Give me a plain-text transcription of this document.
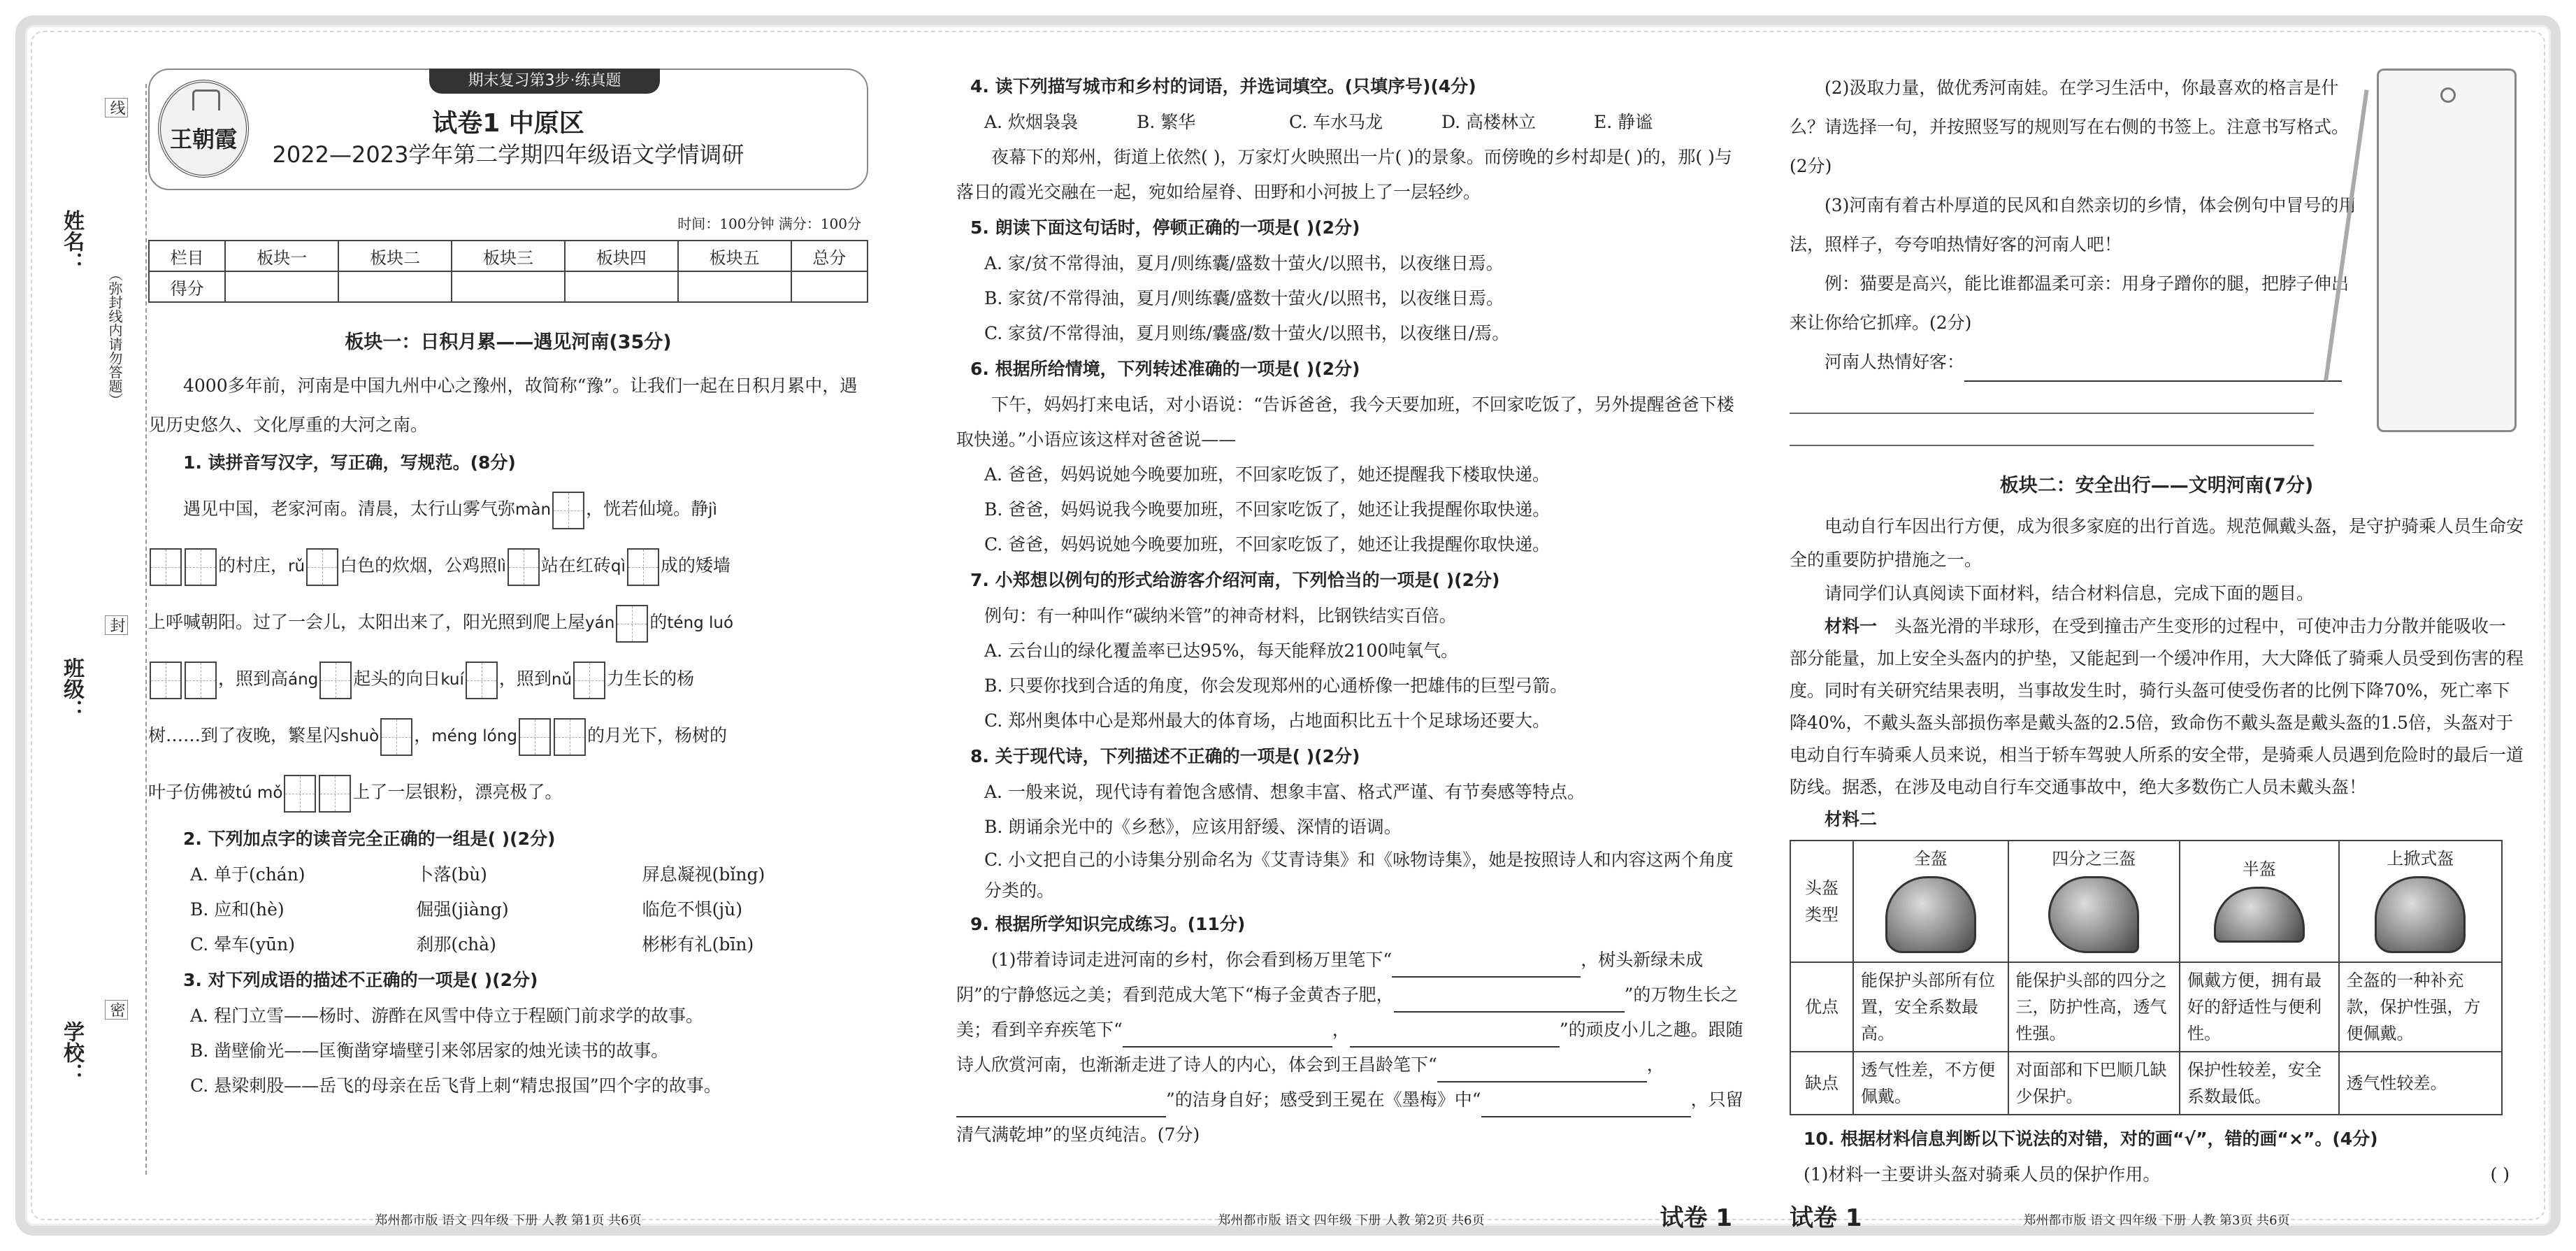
姓名：
班级：
学校：
线
（弥封线内请勿答题）
封
密
期末复习第3步·练真题
王朝霞
试卷1 中原区
2022—2023学年第二学期四年级语文学情调研
时间：100分钟 满分：100分
栏目	板块一	板块二	板块三	板块四	板块五	总分
得分						
板块一：日积月累——遇见河南(35分)

4000多年前，河南是中国九州中心之豫州，故简称“豫”。让我们一起在日积月累中，遇见历史悠久、文化厚重的大河之南。

1. 读拼音写汉字，写正确，写规范。(8分)

遇见中国，老家河南。清晨，太行山雾气弥màn ，恍若仙境。静jì
的村庄，rǔ 白色的炊烟，公鸡照lì 站在红砖qì 成的矮墙
上呼喊朝阳。过了一会儿，太阳出来了，阳光照到爬上屋yán 的téng luó
，照到高áng 起头的向日kuí ，照到nǔ 力生长的杨
树……到了夜晚，繁星闪shuò ，méng lóng	的月光下，杨树的
叶子仿佛被tú mǒ	上了一层银粉，漂亮极了。

2. 下列加点字的读音完全正确的一组是( )(2分)
A. 单于(chán)	卜落(bù)	屏息凝视(bǐng)
B. 应和(hè)	倔强(jiàng)	临危不惧(jù)
C. 晕车(yūn)	刹那(chà)	彬彬有礼(bīn)
3. 对下列成语的描述不正确的一项是( )(2分)
A. 程门立雪——杨时、游酢在风雪中侍立于程颐门前求学的故事。
B. 凿壁偷光——匡衡凿穿墙壁引来邻居家的烛光读书的故事。
C. 悬梁刺股——岳飞的母亲在岳飞背上刺“精忠报国”四个字的故事。
郑州都市版 语文 四年级 下册 人教 第1页 共6页
4. 读下列描写城市和乡村的词语，并选词填空。(只填序号)(4分)
A. 炊烟袅袅	B. 繁华	C. 车水马龙	D. 高楼林立	E. 静谧

夜幕下的郑州，街道上依然( )，万家灯火映照出一片( )的景象。而傍晚的乡村却是( )的，那( )与落日的霞光交融在一起，宛如给屋脊、田野和小河披上了一层轻纱。

5. 朗读下面这句话时，停顿正确的一项是( )(2分)
A. 家/贫不常得油，夏月/则练囊/盛数十萤火/以照书，以夜继日焉。
B. 家贫/不常得油，夏月/则练囊/盛数十萤火/以照书，以夜继日焉。
C. 家贫/不常得油，夏月则练/囊盛/数十萤火/以照书，以夜继日/焉。
6. 根据所给情境，下列转述准确的一项是( )(2分)

下午，妈妈打来电话，对小语说：“告诉爸爸，我今天要加班，不回家吃饭了，另外提醒爸爸下楼取快递。”小语应该这样对爸爸说——

A. 爸爸，妈妈说她今晚要加班，不回家吃饭了，她还提醒我下楼取快递。
B. 爸爸，妈妈说我今晚要加班，不回家吃饭了，她还让我提醒你取快递。
C. 爸爸，妈妈说她今晚要加班，不回家吃饭了，她还让我提醒你取快递。
7. 小郑想以例句的形式给游客介绍河南，下列恰当的一项是( )(2分)
例句：有一种叫作“碳纳米管”的神奇材料，比钢铁结实百倍。
A. 云台山的绿化覆盖率已达95%，每天能释放2100吨氧气。
B. 只要你找到合适的角度，你会发现郑州的心通桥像一把雄伟的巨型弓箭。
C. 郑州奥体中心是郑州最大的体育场，占地面积比五十个足球场还要大。
8. 关于现代诗，下列描述不正确的一项是( )(2分)
A. 一般来说，现代诗有着饱含感情、想象丰富、格式严谨、有节奏感等特点。
B. 朗诵余光中的《乡愁》，应该用舒缓、深情的语调。
C. 小文把自己的小诗集分别命名为《艾青诗集》和《咏物诗集》，她是按照诗人和内容这两个角度分类的。
9. 根据所学知识完成练习。(11分)

(1)带着诗词走进河南的乡村，你会看到杨万里笔下“	，树头新绿未成阴”的宁静悠远之美；看到范成大笔下“梅子金黄杏子肥，	”的万物生长之美；看到辛弃疾笔下“	，	”的顽皮小儿之趣。跟随诗人欣赏河南，也渐渐走进了诗人的内心，体会到王昌龄笔下“	，”的洁身自好；感受到王冕在《墨梅》中“	，只留清气满乾坤”的坚贞纯洁。(7分)

郑州都市版 语文 四年级 下册 人教 第2页 共6页	试卷 1

(2)汲取力量，做优秀河南娃。在学习生活中，你最喜欢的格言是什么？请选择一句，并按照竖写的规则写在右侧的书签上。注意书写格式。(2分)

(3)河南有着古朴厚道的民风和自然亲切的乡情，体会例句中冒号的用法，照样子，夸夸咱热情好客的河南人吧！

例：猫要是高兴，能比谁都温柔可亲：用身子蹭你的腿，把脖子伸出来让你给它抓痒。(2分)

河南人热情好客：

板块二：安全出行——文明河南(7分)

电动自行车因出行方便，成为很多家庭的出行首选。规范佩戴头盔，是守护骑乘人员生命安全的重要防护措施之一。

请同学们认真阅读下面材料，结合材料信息，完成下面的题目。

材料一　 头盔光滑的半球形，在受到撞击产生变形的过程中，可使冲击力分散并能吸收一部分能量，加上安全头盔内的护垫，又能起到一个缓冲作用，大大降低了骑乘人员受到伤害的程度。同时有关研究结果表明，当事故发生时，骑行头盔可使受伤者的比例下降70%，死亡率下降40%，不戴头盔头部损伤率是戴头盔的2.5倍，致命伤不戴头盔是戴头盔的1.5倍，头盔对于电动自行车骑乘人员来说，相当于轿车驾驶人所系的安全带，是骑乘人员遇到危险时的最后一道防线。据悉，在涉及电动自行车交通事故中，绝大多数伤亡人员未戴头盔！

材料二

头盔类型	全盔	四分之三盔	半盔	上掀式盔

优点	能保护头部所有位置，安全系数最高。	能保护头部的四分之三，防护性高，透气性强。	佩戴方便，拥有最好的舒适性与便利性。	全盔的一种补充款，保护性强，方便佩戴。
缺点	透气性差，不方便佩戴。	对面部和下巴顺几缺少保护。	保护性较差，安全系数最低。	透气性较差。
10. 根据材料信息判断以下说法的对错，对的画“√”，错的画“×”。(4分)
(1)材料一主要讲头盔对骑乘人员的保护作用。	( )
试卷 1	郑州都市版 语文 四年级 下册 人教 第3页 共6页
